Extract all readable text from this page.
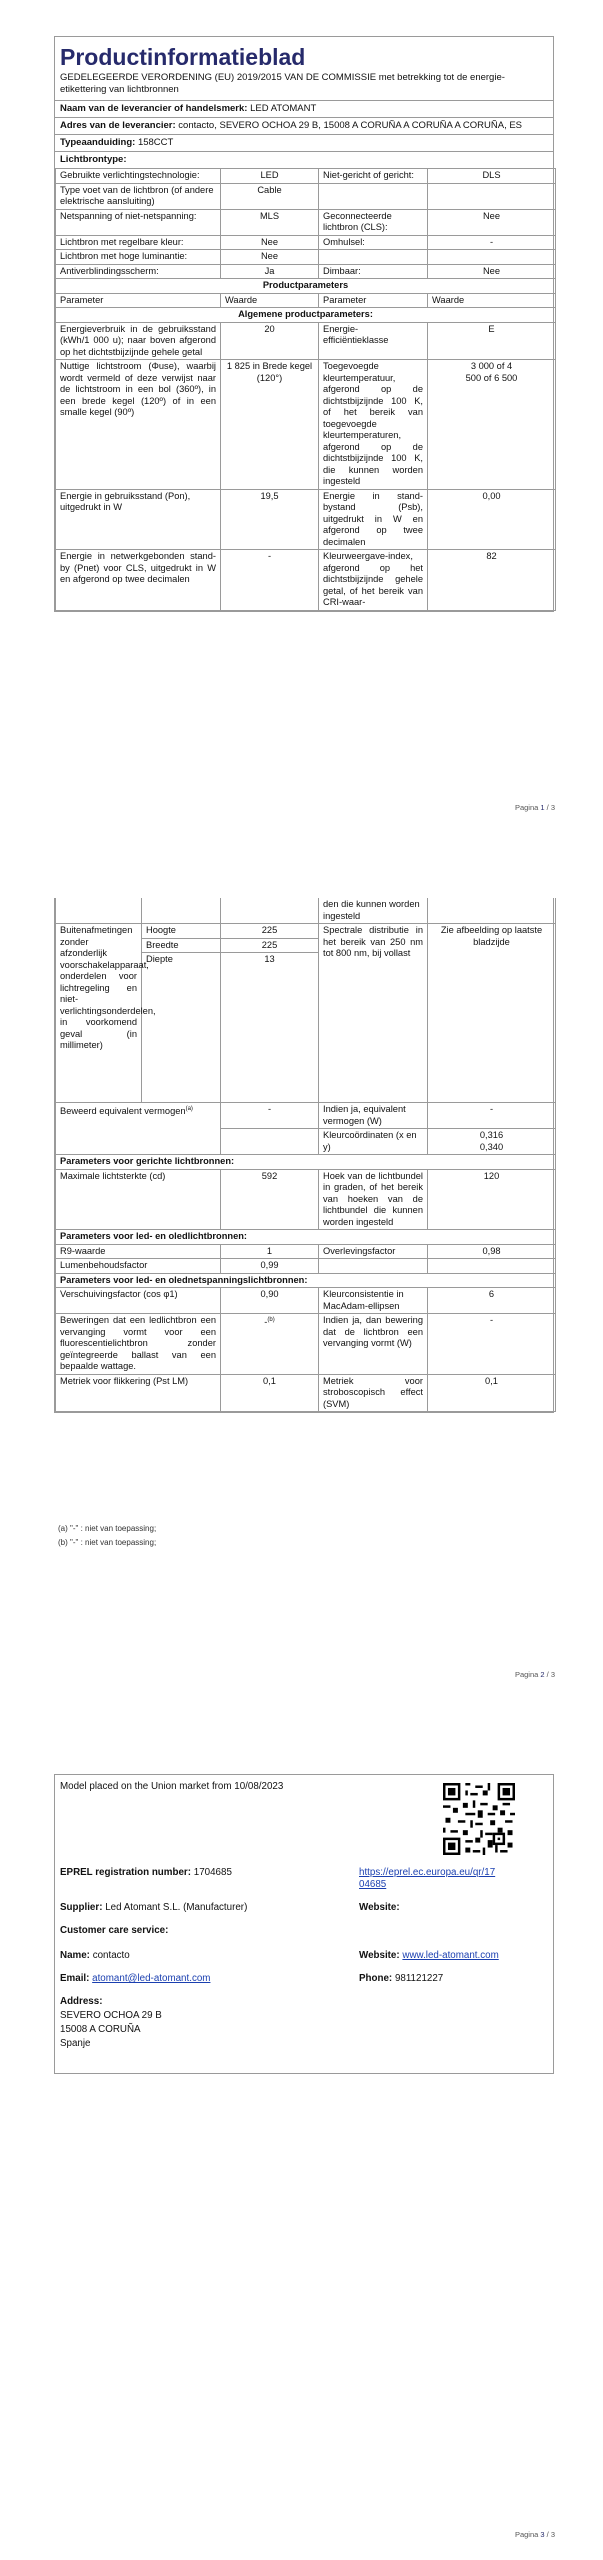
Productinformatieblad
GEDELEGEERDE VERORDENING (EU) 2019/2015 VAN DE COMMISSIE met betrekking tot de energie-etikettering van lichtbronnen
Naam van de leverancier of handelsmerk: LED ATOMANT
Adres van de leverancier: contacto, SEVERO OCHOA 29 B, 15008 A CORUÑA A CORUÑA A CORUÑA, ES
Typeaanduiding: 158CCT
Lichtbrontype:
Gebruikte verlichtingstechnologie:	LED	Niet-gericht of gericht:	DLS
Type voet van de lichtbron (of andere elektrische aansluiting)	Cable		
Netspanning of niet-netspanning:	MLS	Geconnecteerde lichtbron (CLS):	Nee
Lichtbron met regelbare kleur:	Nee	Omhulsel:	-
Lichtbron met hoge luminantie:	Nee		
Antiverblindingsscherm:	Ja	Dimbaar:	Nee
Productparameters			
Parameter	Waarde	Parameter	Waarde
Algemene productparameters:			
Energieverbruik in de gebruiksstand (kWh/1 000 u); naar boven afgerond op het dichtstbijzijnde gehele getal	20	Energie-efficiëntieklasse	E
Nuttige lichtstroom (Φuse), waarbij wordt vermeld of deze verwijst naar de lichtstroom in een bol (360º), in een brede kegel (120º) of in een smalle kegel (90º)	1 825 in Brede kegel (120°)	Toegevoegde kleurtemperatuur, afgerond op de dichtstbijzijnde 100 K, of het bereik van toegevoegde kleurtemperaturen, afgerond op de dichtstbijzijnde 100 K, die kunnen worden ingesteld	3 000 of 4
500 of 6 500

Energie in gebruiksstand (Pon), uitgedrukt in W	19,5	Energie in stand-bystand (Psb), uitgedrukt in W en afgerond op twee decimalen	0,00
Energie in netwerkgebonden stand-by (Pnet) voor CLS, uitgedrukt in W en afgerond op twee decimalen	-	Kleurweergave-index, afgerond op het dichtstbijzijnde gehele getal, of het bereik van CRI-waar-	82
Pagina 1 / 3
			den die kunnen worden ingesteld	
Buitenafmetingen zonder afzonderlijk voorschakelapparaat, onderdelen voor lichtregeling en niet-verlichtingsonderdelen, in voorkomend geval (in millimeter)	Hoogte	225	Spectrale distributie in het bereik van 250 nm tot 800 nm, bij vollast	Zie afbeelding op laatste bladzijde
	Breedte	225		
	Diepte	13		
Beweerd equivalent vermogen$^{(a)}$		-	Indien ja, equivalent vermogen (W)	-
			Kleurcoördinaten (x en y)	0,316
0,340

Parameters voor gerichte lichtbronnen:				
Maximale lichtsterkte (cd)		592	Hoek van de lichtbundel in graden, of het bereik van hoeken van de lichtbundel die kunnen worden ingesteld	120
Parameters voor led- en oledlichtbronnen:				
R9-waarde		1	Overlevingsfactor	0,98
Lumenbehoudsfactor		0,99		
Parameters voor led- en olednetspanningslichtbronnen:				
Verschuivingsfactor (cos φ1)		0,90	Kleurconsistentie in MacAdam-ellipsen	6
Beweringen dat een ledlichtbron een vervanging vormt voor een fluorescentielichtbron zonder geïntegreerde ballast van een bepaalde wattage.		-$^{(b)}$	Indien ja, dan bewering dat de lichtbron een vervanging vormt (W)	-
Metriek voor flikkering (Pst LM)		0,1	Metriek voor stroboscopisch effect (SVM)	0,1
(a) "-" : niet van toepassing;
(b) "-" : niet van toepassing;
Pagina 2 / 3
Model placed on the Union market from 10/08/2023
EPREL registration number: 1704685	https://eprel.ec.europa.eu/qr/17
04685
Supplier: Led Atomant S.L. (Manufacturer)	Website:
Customer care service:
Name: contacto	Website: www.led-atomant.com
Email: atomant@led-atomant.com	Phone: 981121227
Address:
SEVERO OCHOA 29 B
15008 A CORUÑA
Spanje
Pagina 3 / 3
